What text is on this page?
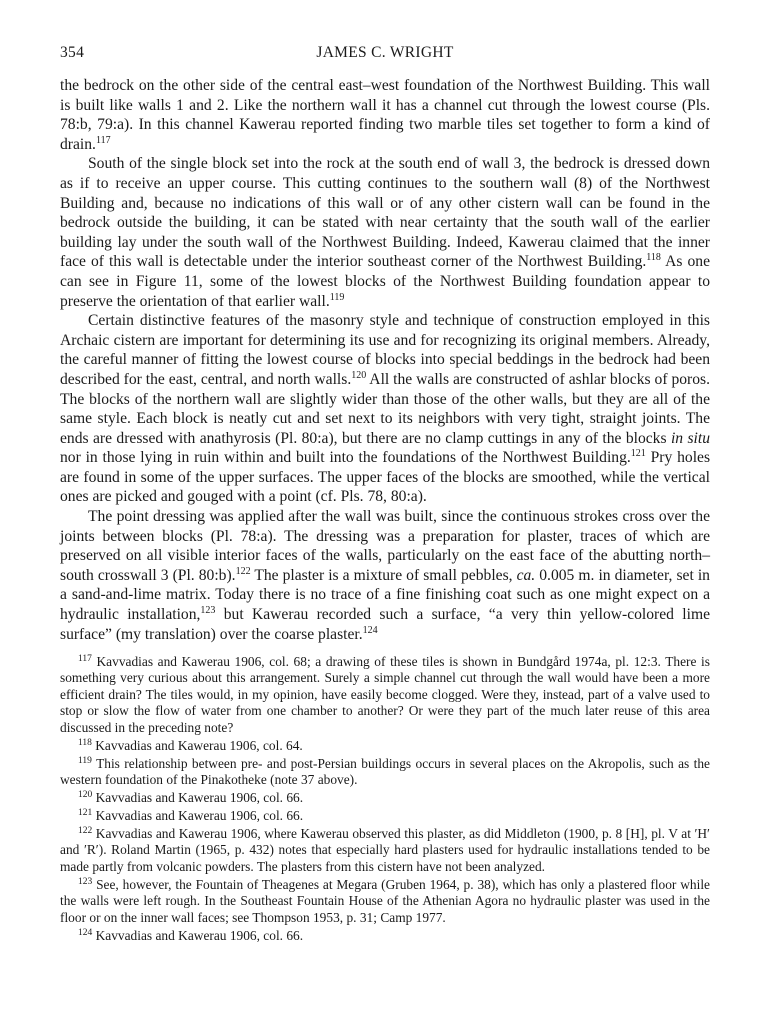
354	JAMES C. WRIGHT

the bedrock on the other side of the central east–west foundation of the Northwest Building. This wall is built like walls 1 and 2. Like the northern wall it has a channel cut through the lowest course (Pls. 78:b, 79:a). In this channel Kawerau reported finding two marble tiles set together to form a kind of drain.$^{117}$

South of the single block set into the rock at the south end of wall 3, the bedrock is dressed down as if to receive an upper course. This cutting continues to the southern wall (8) of the Northwest Building and, because no indications of this wall or of any other cistern wall can be found in the bedrock outside the building, it can be stated with near certainty that the south wall of the earlier building lay under the south wall of the Northwest Building. Indeed, Kawerau claimed that the inner face of this wall is detectable under the interior southeast corner of the Northwest Building.$^{118}$ As one can see in Figure 11, some of the lowest blocks of the Northwest Building foundation appear to preserve the orientation of that earlier wall.$^{119}$

Certain distinctive features of the masonry style and technique of construction employed in this Archaic cistern are important for determining its use and for recognizing its original members. Already, the careful manner of fitting the lowest course of blocks into special beddings in the bedrock had been described for the east, central, and north walls.$^{120}$ All the walls are constructed of ashlar blocks of poros. The blocks of the northern wall are slightly wider than those of the other walls, but they are all of the same style. Each block is neatly cut and set next to its neighbors with very tight, straight joints. The ends are dressed with anathyrosis (Pl. 80:a), but there are no clamp cuttings in any of the blocks in situ nor in those lying in ruin within and built into the foundations of the Northwest Building.$^{121}$ Pry holes are found in some of the upper surfaces. The upper faces of the blocks are smoothed, while the vertical ones are picked and gouged with a point (cf. Pls. 78, 80:a).

The point dressing was applied after the wall was built, since the continuous strokes cross over the joints between blocks (Pl. 78:a). The dressing was a preparation for plaster, traces of which are preserved on all visible interior faces of the walls, particularly on the east face of the abutting north–south crosswall 3 (Pl. 80:b).$^{122}$ The plaster is a mixture of small pebbles, ca. 0.005 m. in diameter, set in a sand-and-lime matrix. Today there is no trace of a fine finishing coat such as one might expect on a hydraulic installation,$^{123}$ but Kawerau recorded such a surface, “a very thin yellow-colored lime surface” (my translation) over the coarse plaster.$^{124}$

$^{117}$ Kavvadias and Kawerau 1906, col. 68; a drawing of these tiles is shown in Bundgård 1974a, pl. 12:3. There is something very curious about this arrangement. Surely a simple channel cut through the wall would have been a more efficient drain? The tiles would, in my opinion, have easily become clogged. Were they, instead, part of a valve used to stop or slow the flow of water from one chamber to another? Or were they part of the much later reuse of this area discussed in the preceding note?
$^{118}$ Kavvadias and Kawerau 1906, col. 64.
$^{119}$ This relationship between pre- and post-Persian buildings occurs in several places on the Akropolis, such as the western foundation of the Pinakotheke (note 37 above).
$^{120}$ Kavvadias and Kawerau 1906, col. 66.
$^{121}$ Kavvadias and Kawerau 1906, col. 66.
$^{122}$ Kavvadias and Kawerau 1906, where Kawerau observed this plaster, as did Middleton (1900, p. 8 [H], pl. V at ′H′ and ′R′). Roland Martin (1965, p. 432) notes that especially hard plasters used for hydraulic installations tended to be made partly from volcanic powders. The plasters from this cistern have not been analyzed.
$^{123}$ See, however, the Fountain of Theagenes at Megara (Gruben 1964, p. 38), which has only a plastered floor while the walls were left rough. In the Southeast Fountain House of the Athenian Agora no hydraulic plaster was used in the floor or on the inner wall faces; see Thompson 1953, p. 31; Camp 1977.
$^{124}$ Kavvadias and Kawerau 1906, col. 66.
